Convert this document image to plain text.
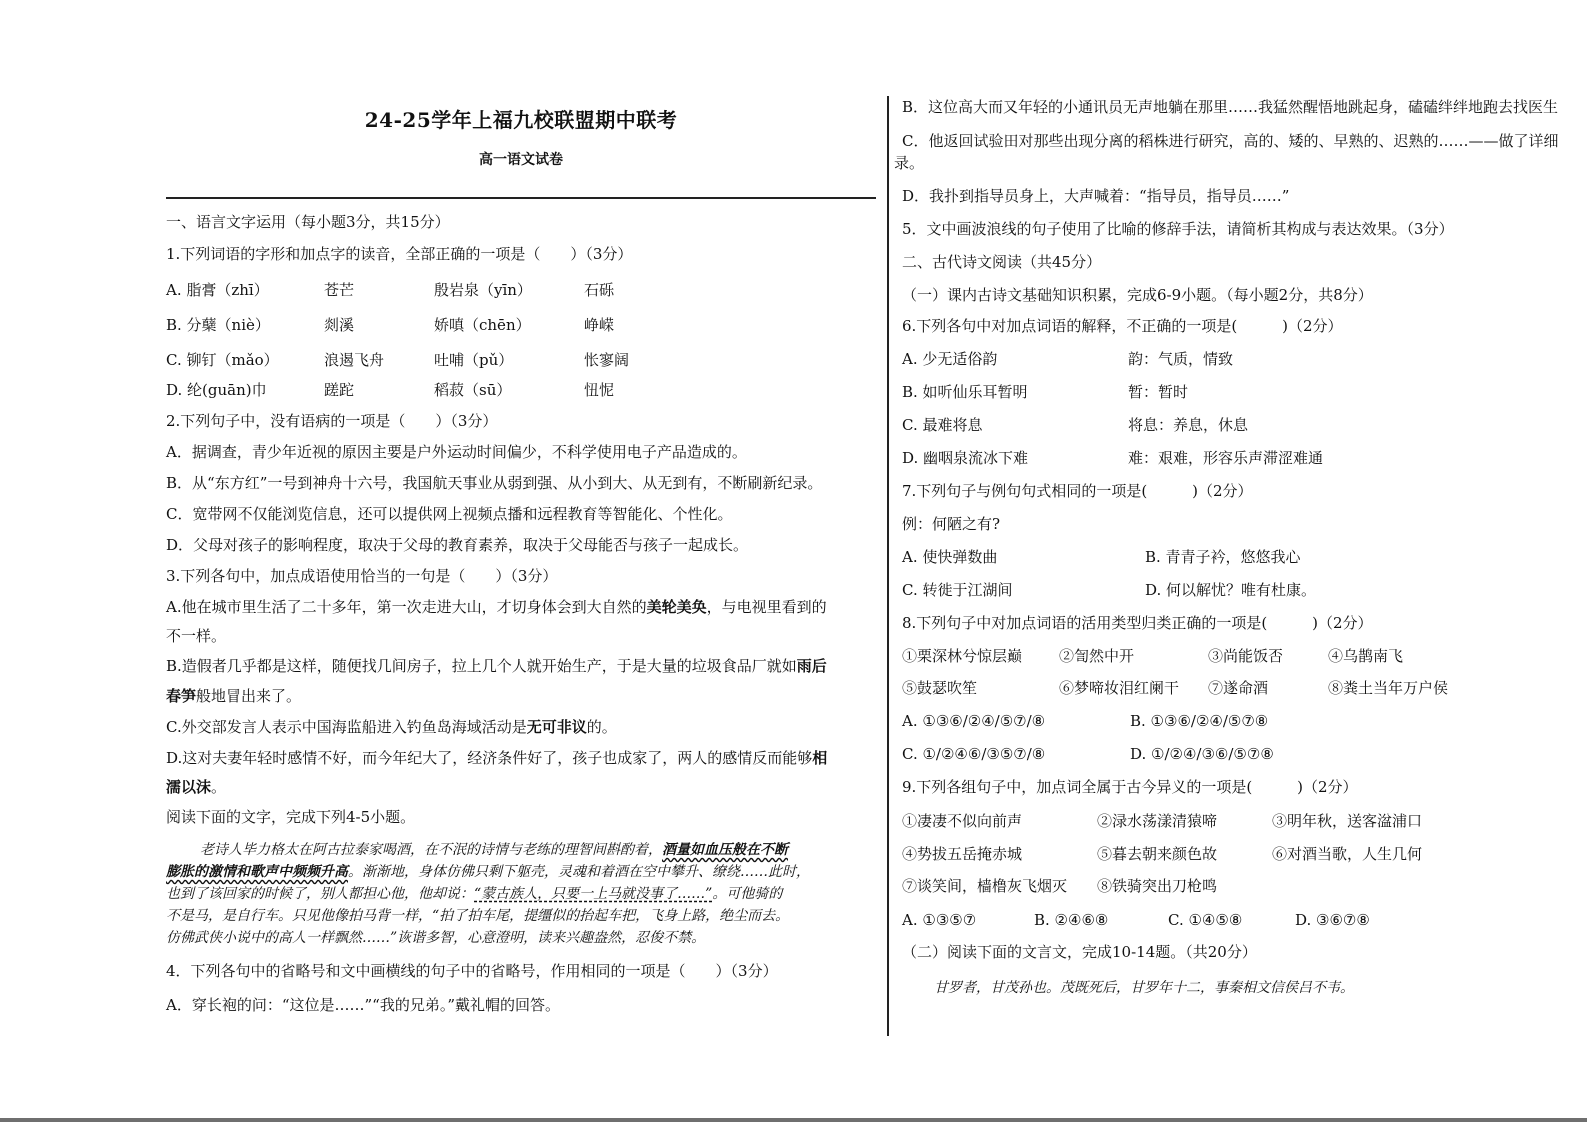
24-25学年上福九校联盟期中联考
高一语文试卷
一、语言文字运用（每小题3分，共15分）
1.下列词语的字形和加点字的读音，全部正确的一项是（　　）（3分）
A. 脂膏（zhī）	苍芒	殷岩泉（yīn）	石砾
B. 分蘖（niè）	剡溪	娇嗔（chēn）	峥嵘
C. 铆钉（mǎo）	浪遏飞舟	吐哺（pǔ）	怅寥阔
D. 纶(guān)巾	蹉跎	稻菽（sū）	忸怩
2.下列句子中，没有语病的一项是（　　）（3分）
A．据调查，青少年近视的原因主要是户外运动时间偏少，不科学使用电子产品造成的。
B．从“东方红”一号到神舟十六号，我国航天事业从弱到强、从小到大、从无到有，不断刷新纪录。
C．宽带网不仅能浏览信息，还可以提供网上视频点播和远程教育等智能化、个性化。
D．父母对孩子的影响程度，取决于父母的教育素养，取决于父母能否与孩子一起成长。
3.下列各句中，加点成语使用恰当的一句是（　　）（3分）
A.他在城市里生活了二十多年，第一次走进大山，才切身体会到大自然的美轮美奂，与电视里看到的
不一样。
B.造假者几乎都是这样，随便找几间房子，拉上几个人就开始生产，于是大量的垃圾食品厂就如雨后
春笋般地冒出来了。
C.外交部发言人表示中国海监船进入钓鱼岛海域活动是无可非议的。
D.这对夫妻年轻时感情不好，而今年纪大了，经济条件好了，孩子也成家了，两人的感情反而能够相
濡以沫。
阅读下面的文字，完成下列4-5小题。
老诗人毕力格太在阿古拉泰家喝酒，在不泯的诗情与老练的理智间斟酌着，酒量如血压般在不断
膨胀的激情和歌声中频频升高。渐渐地，身体仿佛只剩下躯壳，灵魂和着酒在空中攀升、缭绕……此时，
也到了该回家的时候了，别人都担心他，他却说：“蒙古族人，只要一上马就没事了……”。可他骑的
不是马，是自行车。只见他像拍马背一样，“拍了拍车尾，提缰似的抬起车把，飞身上路，绝尘而去。
仿佛武侠小说中的高人一样飘然……”诙谐多智，心意澄明，读来兴趣盎然，忍俊不禁。
4．下列各句中的省略号和文中画横线的句子中的省略号，作用相同的一项是（　　）（3分）
A．穿长袍的问：“这位是……”“我的兄弟。”戴礼帽的回答。
B．这位高大而又年轻的小通讯员无声地躺在那里……我猛然醒悟地跳起身，磕磕绊绊地跑去找医生
C．他返回试验田对那些出现分离的稻株进行研究，高的、矮的、早熟的、迟熟的……——做了详细
录。
D．我扑到指导员身上，大声喊着：“指导员，指导员……”
5．文中画波浪线的句子使用了比喻的修辞手法，请简析其构成与表达效果。（3分）
二、古代诗文阅读（共45分）
（一）课内古诗文基础知识积累，完成6-9小题。（每小题2分，共8分）
6.下列各句中对加点词语的解释，不正确的一项是(　　　)（2分）
A. 少无适俗韵	韵：气质，情致
B. 如听仙乐耳暂明	暂：暂时
C. 最难将息	将息：养息，休息
D. 幽咽泉流冰下难	难：艰难，形容乐声滞涩难通
7.下列句子与例句句式相同的一项是(　　　)（2分）
例：何陋之有?
A. 使快弹数曲	B. 青青子衿，悠悠我心
C. 转徙于江湖间	D. 何以解忧？唯有杜康。
8.下列句子中对加点词语的活用类型归类正确的一项是(　　　)（2分）
①栗深林兮惊层巅 ②訇然中开	③尚能饭否	④乌鹊南飞
⑤鼓瑟吹笙	⑥梦啼妆泪红阑干 ⑦遂命酒	⑧粪土当年万户侯
A. ①③⑥/②④/⑤⑦/⑧	B. ①③⑥/②④/⑤⑦⑧
C. ①/②④⑥/③⑤⑦/⑧	D. ①/②④/③⑥/⑤⑦⑧
9.下列各组句子中，加点词全属于古今异义的一项是(　　　)（2分）
①凄凄不似向前声	②渌水荡漾清猿啼	③明年秋，送客湓浦口
④势拔五岳掩赤城	⑤暮去朝来颜色故	⑥对酒当歌，人生几何
⑦谈笑间，樯橹灰飞烟灭 ⑧铁骑突出刀枪鸣
A. ①③⑤⑦	B. ②④⑥⑧	C. ①④⑤⑧	D. ③⑥⑦⑧
（二）阅读下面的文言文，完成10-14题。（共20分）
甘罗者，甘茂孙也。茂既死后，甘罗年十二，事秦相文信侯吕不韦。
